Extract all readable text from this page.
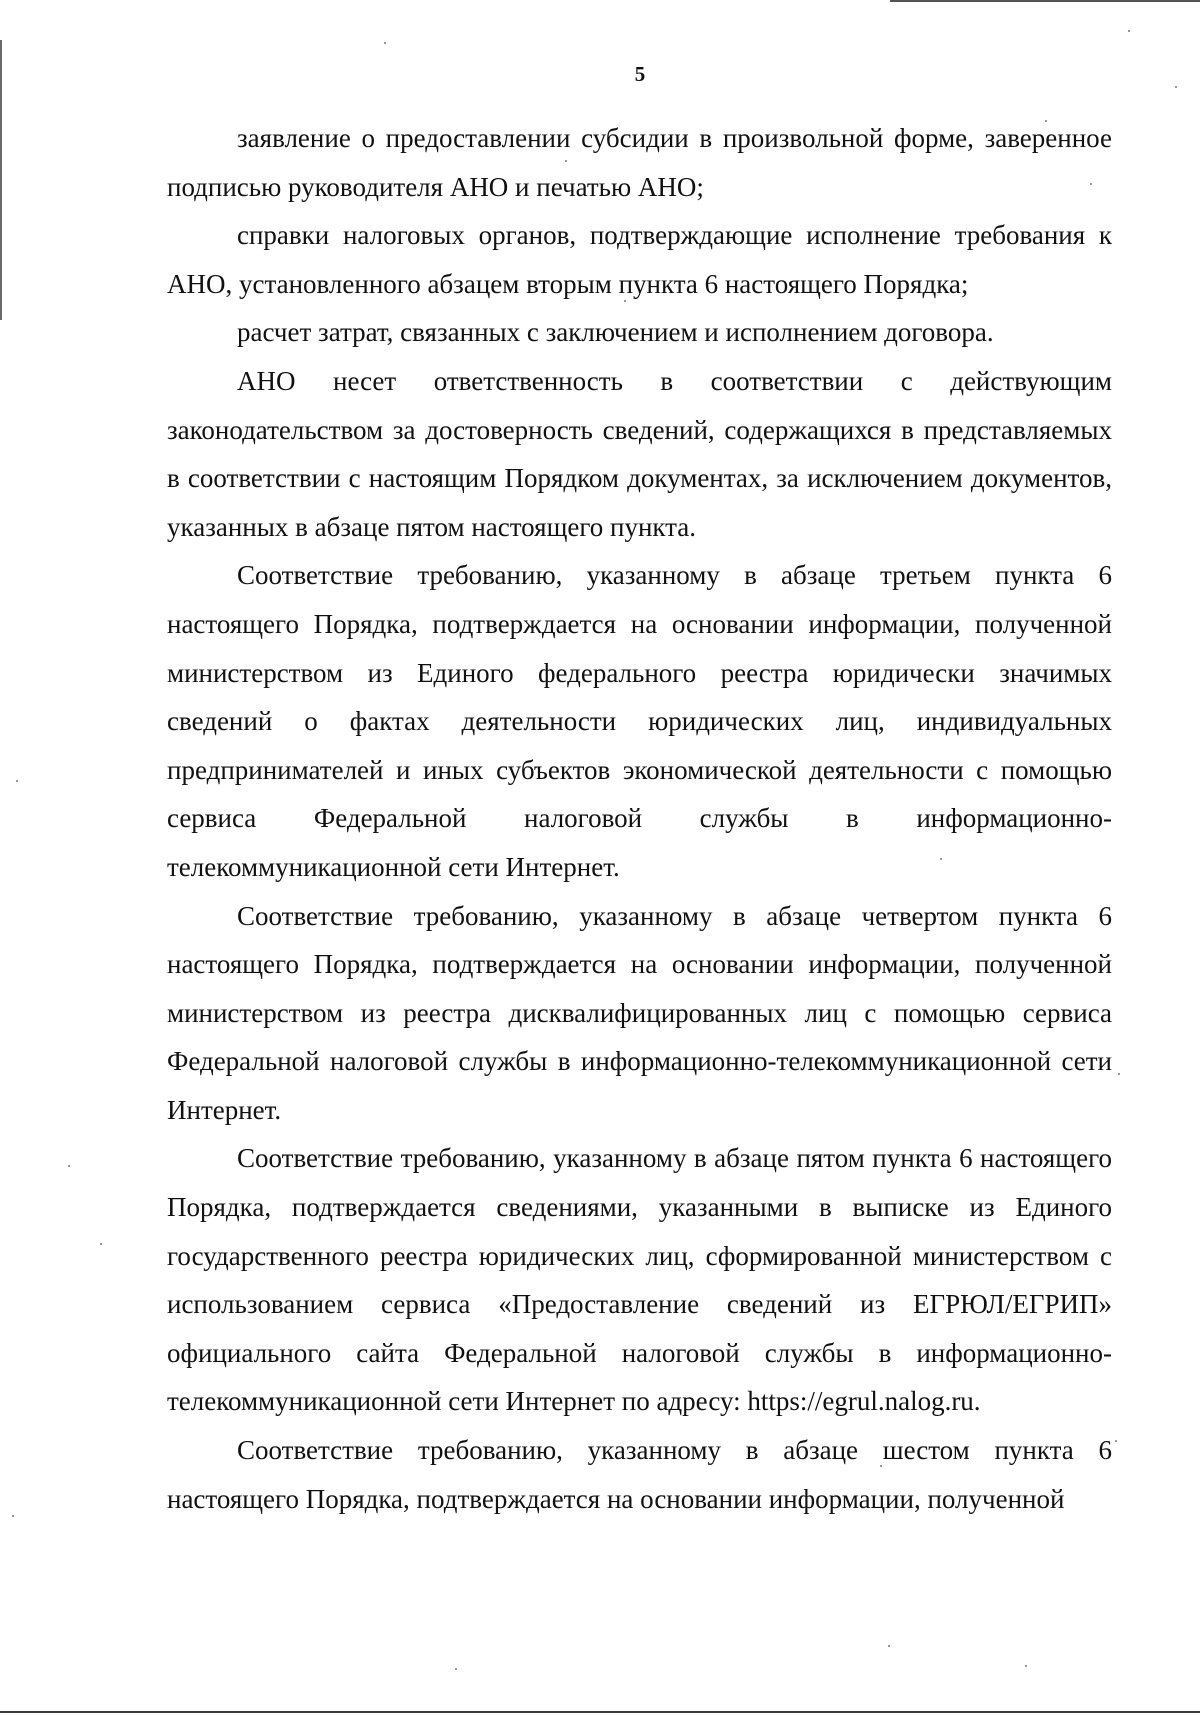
5

заявление о предоставлении субсидии в произвольной форме, заверенное подписью руководителя АНО и печатью АНО;

справки налоговых органов, подтверждающие исполнение требования к АНО, установленного абзацем вторым пункта 6 настоящего Порядка;

расчет затрат, связанных с заключением и исполнением договора.

АНО несет ответственность в соответствии с действующим законодательством за достоверность сведений, содержащихся в представляемых в соответствии с настоящим Порядком документах, за исключением документов, указанных в абзаце пятом настоящего пункта.

Соответствие требованию, указанному в абзаце третьем пункта 6 настоящего Порядка, подтверждается на основании информации, полученной министерством из Единого федерального реестра юридически значимых сведений о фактах деятельности юридических лиц, индивидуальных предпринимателей и иных субъектов экономической деятельности с помощью сервиса Федеральной налоговой службы в информационно-телекоммуникационной сети Интернет.

Соответствие требованию, указанному в абзаце четвертом пункта 6 настоящего Порядка, подтверждается на основании информации, полученной министерством из реестра дисквалифицированных лиц с помощью сервиса Федеральной налоговой службы в информационно-телекоммуникационной сети Интернет.

Соответствие требованию, указанному в абзаце пятом пункта 6 настоящего Порядка, подтверждается сведениями, указанными в выписке из Единого государственного реестра юридических лиц, сформированной министерством с использованием сервиса «Предоставление сведений из ЕГРЮЛ/ЕГРИП» официального сайта Федеральной налоговой службы в информационно-телекоммуникационной сети Интернет по адресу: https://egrul.nalog.ru.

Соответствие требованию, указанному в абзаце шестом пункта 6 настоящего Порядка, подтверждается на основании информации, полученной
